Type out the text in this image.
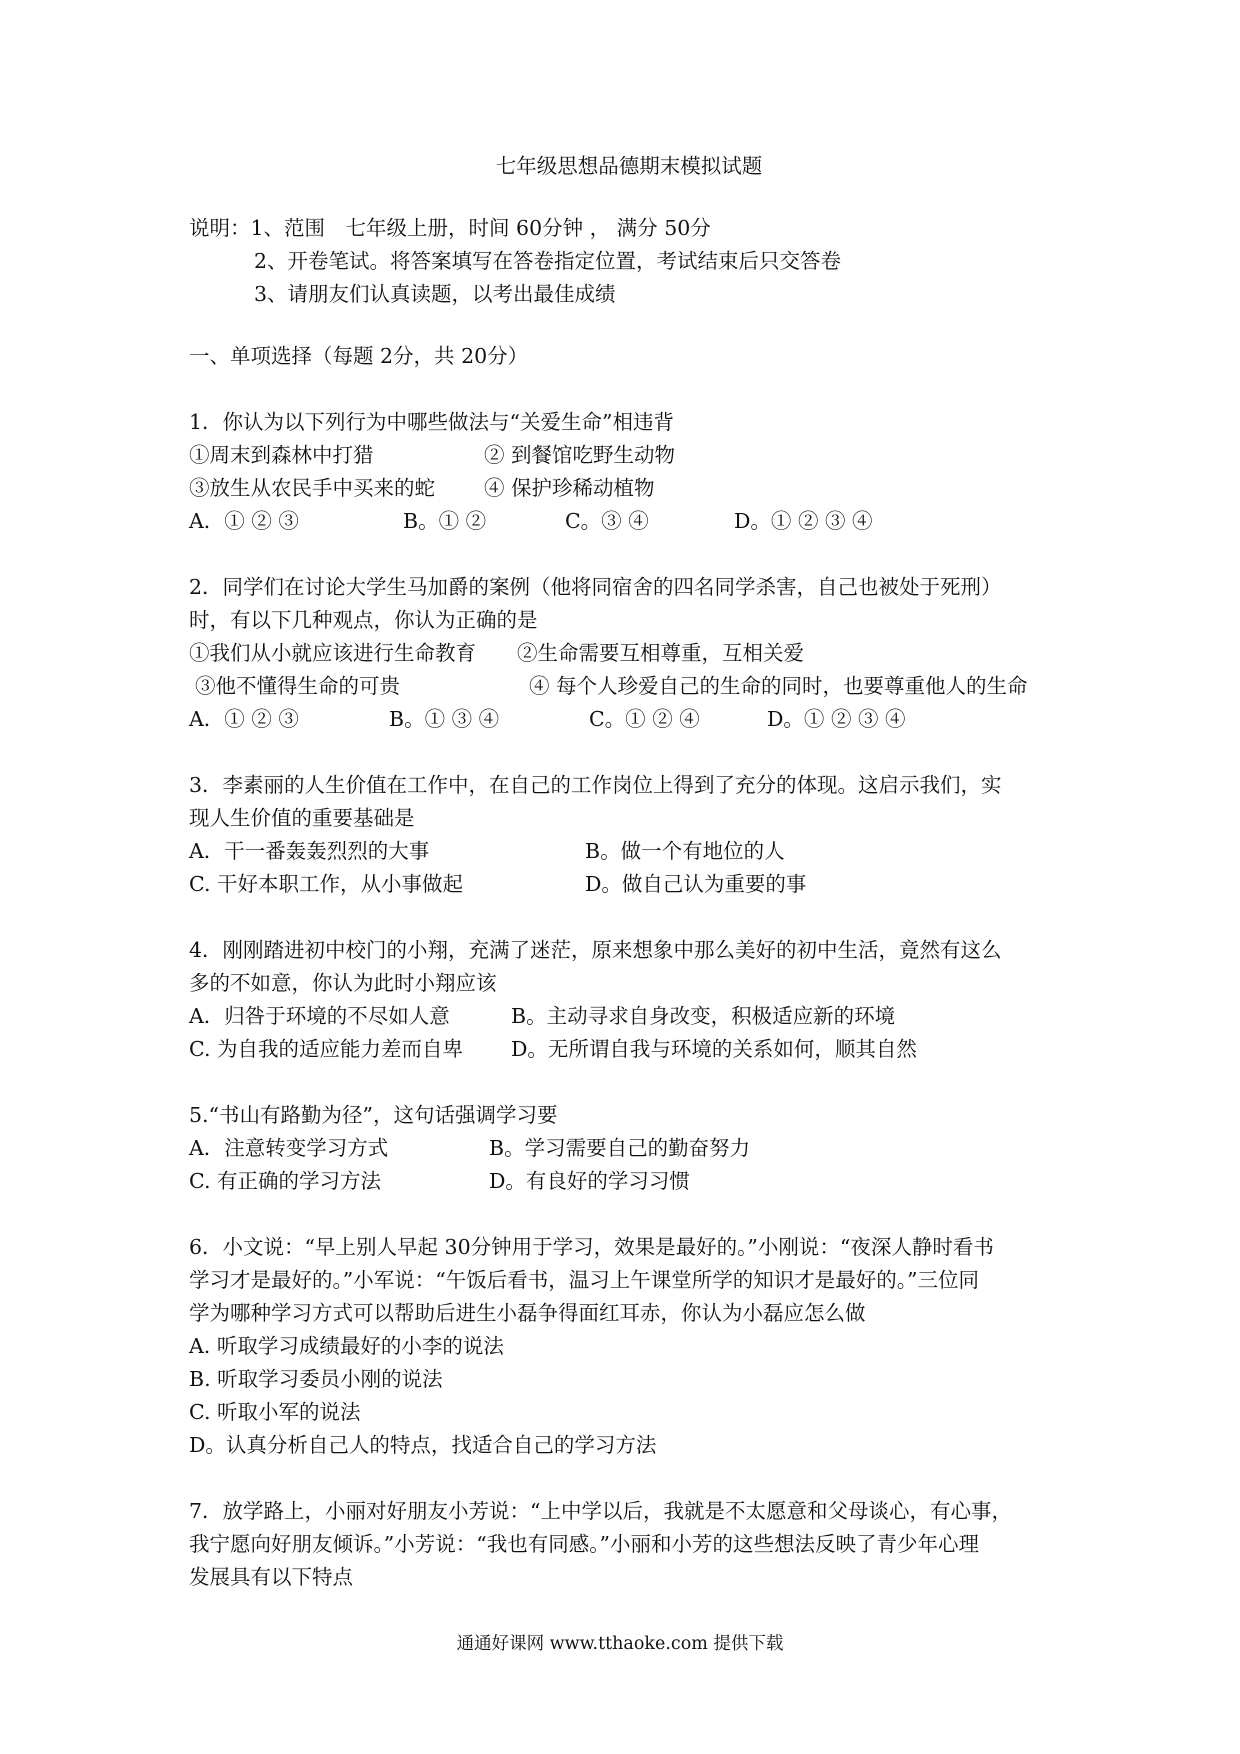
七年级思想品德期末模拟试题
说明：1、范围　七年级上册，时间 60分钟 ， 满分 50分
2、开卷笔试。将答案填写在答卷指定位置，考试结束后只交答卷
3、请朋友们认真读题，以考出最佳成绩
一、单项选择（每题 2分，共 20分）
1．你认为以下列行为中哪些做法与“关爱生命”相违背
①周末到森林中打猎	② 到餐馆吃野生动物
③放生从农民手中买来的蛇	④ 保护珍稀动植物
A．① ② ③	B。① ②	C。③ ④	D。① ② ③ ④
2．同学们在讨论大学生马加爵的案例（他将同宿舍的四名同学杀害，自己也被处于死刑）
时，有以下几种观点，你认为正确的是
①我们从小就应该进行生命教育	②生命需要互相尊重，互相关爱
③他不懂得生命的可贵	④ 每个人珍爱自己的生命的同时，也要尊重他人的生命
A．① ② ③	B。① ③ ④	C。① ② ④	D。① ② ③ ④
3．李素丽的人生价值在工作中，在自己的工作岗位上得到了充分的体现。这启示我们，实
现人生价值的重要基础是
A．干一番轰轰烈烈的大事	B。做一个有地位的人
C. 干好本职工作，从小事做起	D。做自己认为重要的事
4．刚刚踏进初中校门的小翔，充满了迷茫，原来想象中那么美好的初中生活，竟然有这么
多的不如意，你认为此时小翔应该
A．归咎于环境的不尽如人意	B。主动寻求自身改变，积极适应新的环境
C. 为自我的适应能力差而自卑	D。无所谓自我与环境的关系如何，顺其自然
5.“书山有路勤为径”，这句话强调学习要
A．注意转变学习方式	B。学习需要自己的勤奋努力
C. 有正确的学习方法	D。有良好的学习习惯
6．小文说：“早上别人早起 30分钟用于学习，效果是最好的。”小刚说：“夜深人静时看书
学习才是最好的。”小军说：“午饭后看书，温习上午课堂所学的知识才是最好的。”三位同
学为哪种学习方式可以帮助后进生小磊争得面红耳赤，你认为小磊应怎么做
A. 听取学习成绩最好的小李的说法
B. 听取学习委员小刚的说法
C. 听取小军的说法
D。认真分析自己人的特点，找适合自己的学习方法
7．放学路上，小丽对好朋友小芳说：“上中学以后，我就是不太愿意和父母谈心，有心事，
我宁愿向好朋友倾诉。”小芳说：“我也有同感。”小丽和小芳的这些想法反映了青少年心理
发展具有以下特点
通通好课网 www.tthaoke.com 提供下载
